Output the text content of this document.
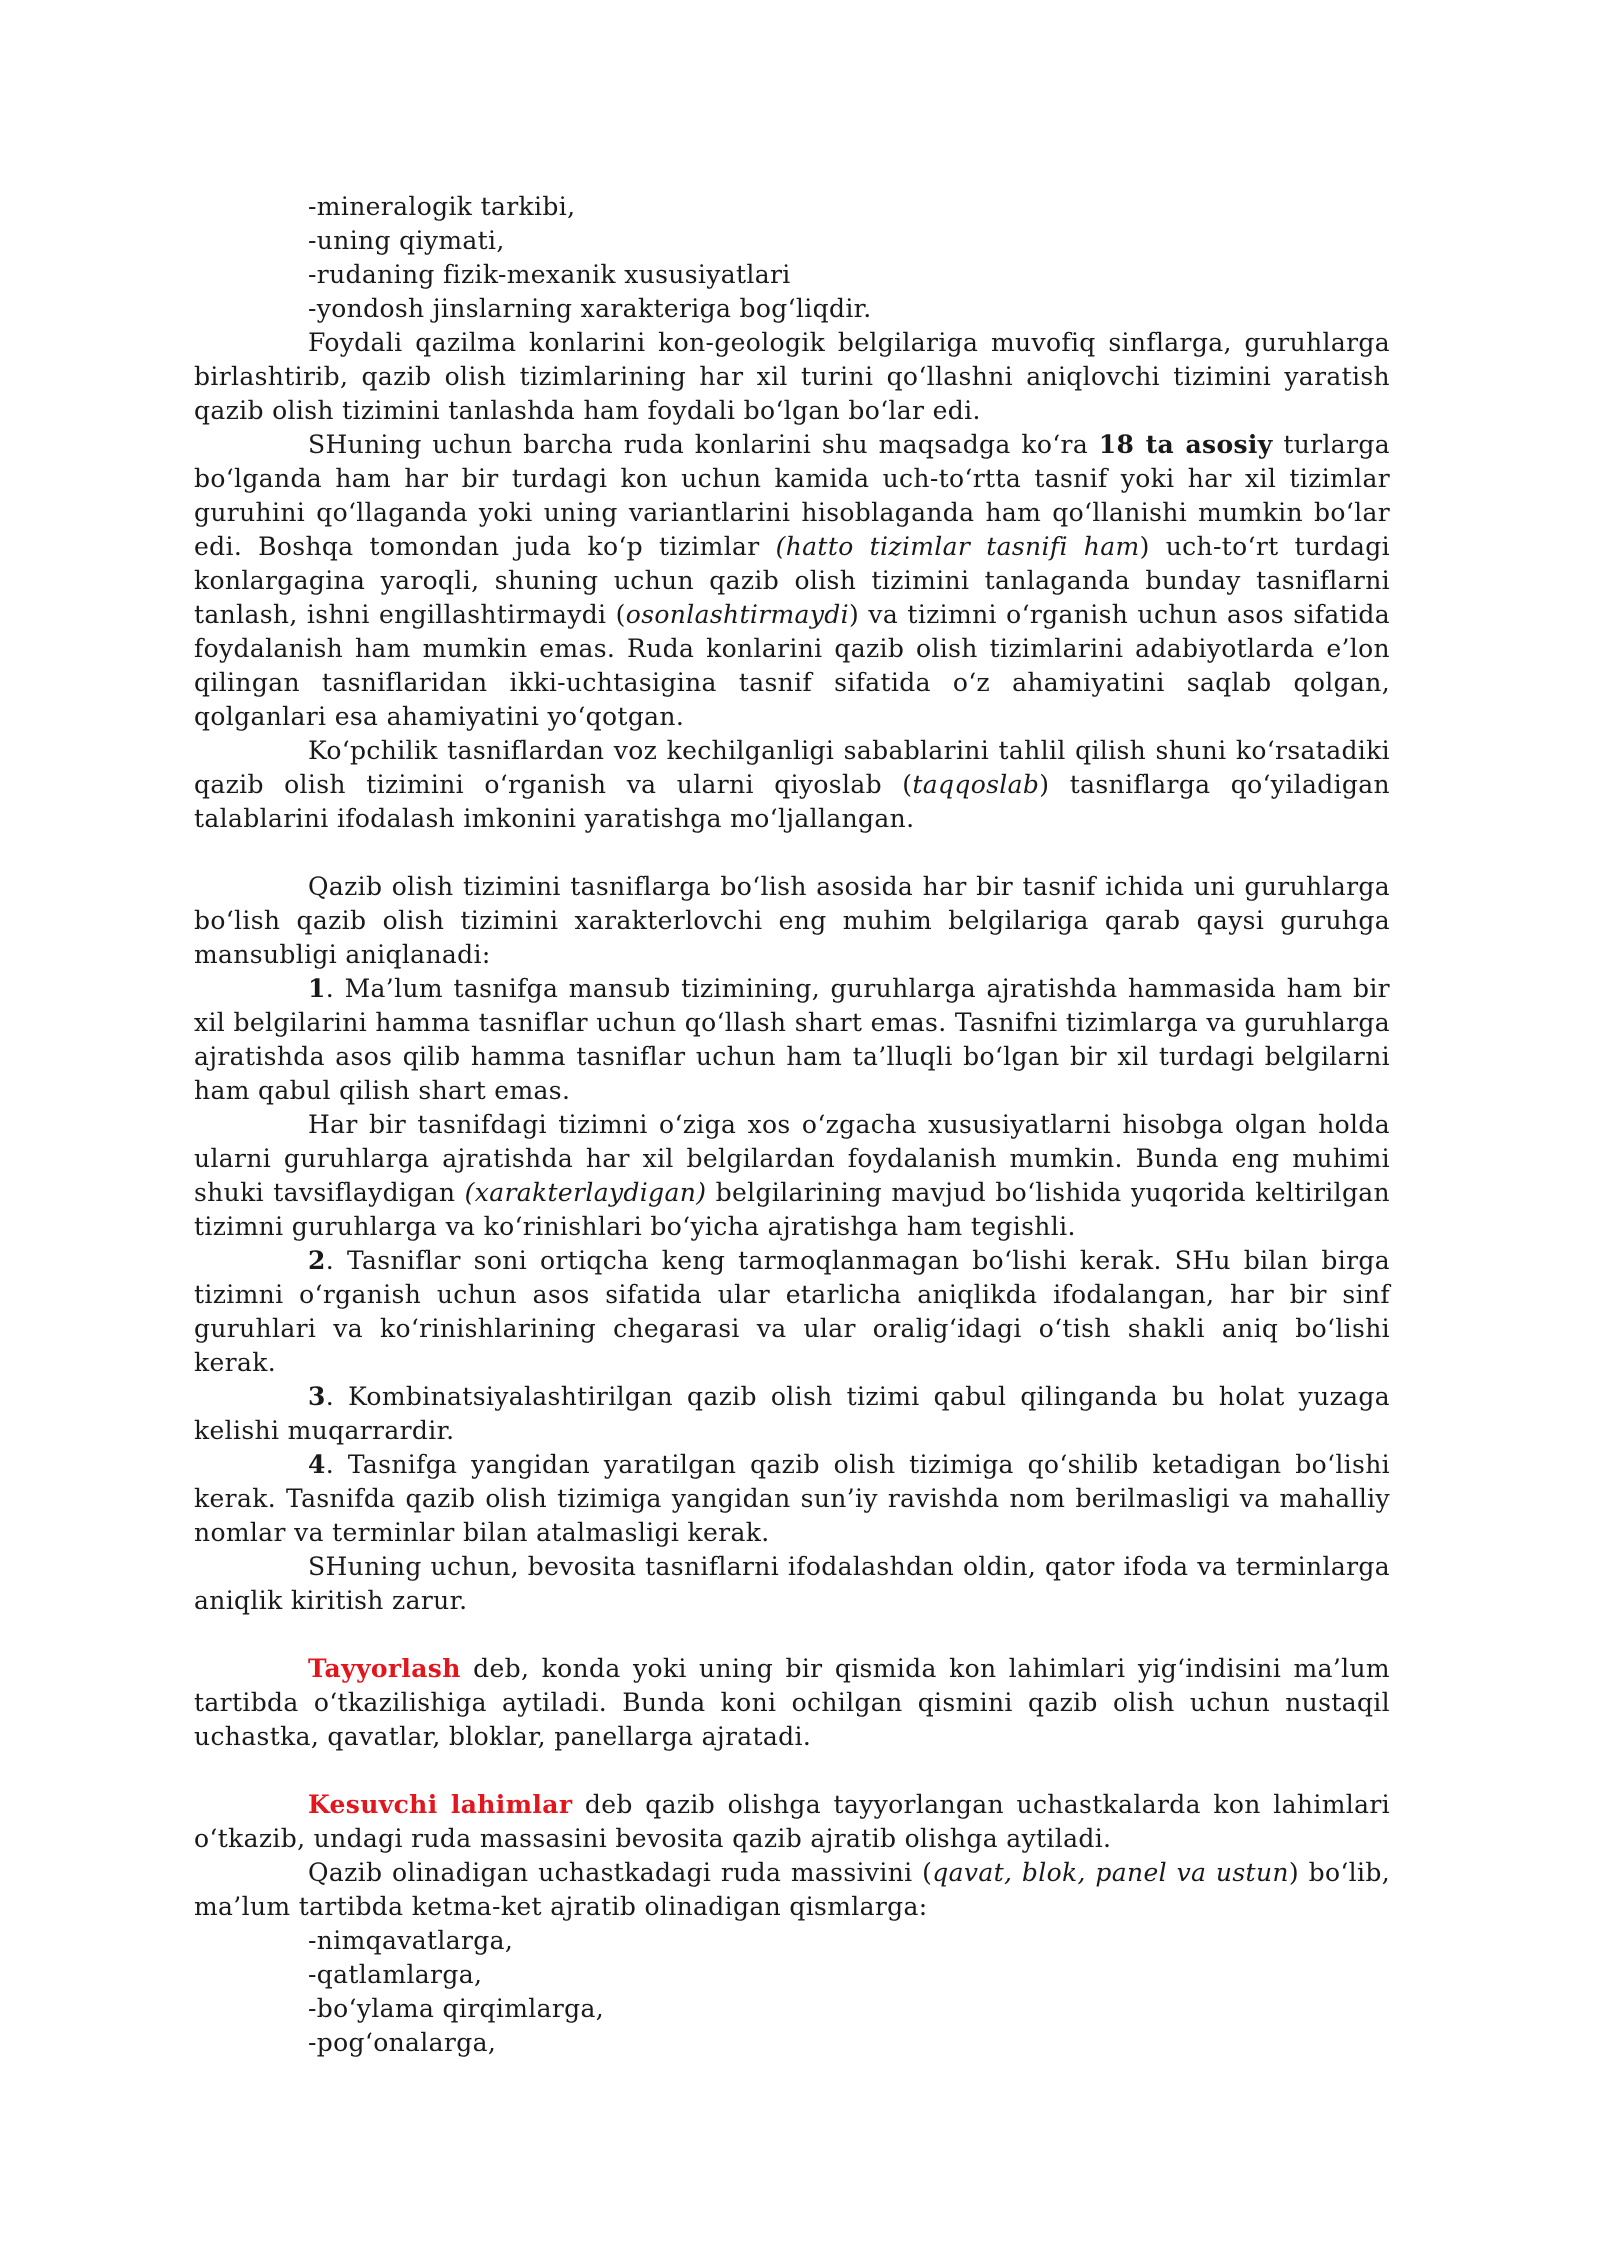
-mineralogik tarkibi,

-uning qiymati,

-rudaning fizik-mexanik xususiyatlari

-yondosh jinslarning xarakteriga bog‘liqdir.

Foydali qazilma konlarini kon-geologik belgilariga muvofiq sinflarga, guruhlarga birlashtirib, qazib olish tizimlarining har xil turini qo‘llashni aniqlovchi tizimini yaratish qazib olish tizimini tanlashda ham foydali bo‘lgan bo‘lar edi.

SHuning uchun barcha ruda konlarini shu maqsadga ko‘ra 18 ta asosiy turlarga bo‘lganda ham har bir turdagi kon uchun kamida uch-to‘rtta tasnif yoki har xil tizimlar guruhini qo‘llaganda yoki uning variantlarini hisoblaganda ham qo‘llanishi mumkin bo‘lar edi. Boshqa tomondan juda ko‘p tizimlar (hatto tizimlar tasnifi ham) uch-to‘rt turdagi konlargagina yaroqli, shuning uchun qazib olish tizimini tanlaganda bunday tasniflarni tanlash, ishni engillashtirmaydi (osonlashtirmaydi) va tizimni o‘rganish uchun asos sifatida foydalanish ham mumkin emas. Ruda konlarini qazib olish tizimlarini adabiyotlarda e’lon qilingan tasniflaridan ikki-uchtasigina tasnif sifatida o‘z ahamiyatini saqlab qolgan, qolganlari esa ahamiyatini yo‘qotgan.

Ko‘pchilik tasniflardan voz kechilganligi sabablarini tahlil qilish shuni ko‘rsatadiki qazib olish tizimini o‘rganish va ularni qiyoslab (taqqoslab) tasniflarga qo‘yiladigan talablarini ifodalash imkonini yaratishga mo‘ljallangan.

Qazib olish tizimini tasniflarga bo‘lish asosida har bir tasnif ichida uni guruhlarga bo‘lish qazib olish tizimini xarakterlovchi eng muhim belgilariga qarab qaysi guruhga mansubligi aniqlanadi:

1. Ma’lum tasnifga mansub tizimining, guruhlarga ajratishda hammasida ham bir xil belgilarini hamma tasniflar uchun qo‘llash shart emas. Tasnifni tizimlarga va guruhlarga ajratishda asos qilib hamma tasniflar uchun ham ta’lluqli bo‘lgan bir xil turdagi belgilarni ham qabul qilish shart emas.

Har bir tasnifdagi tizimni o‘ziga xos o‘zgacha xususiyatlarni hisobga olgan holda ularni guruhlarga ajratishda har xil belgilardan foydalanish mumkin. Bunda eng muhimi shuki tavsiflaydigan (xarakterlaydigan) belgilarining mavjud bo‘lishida yuqorida keltirilgan tizimni guruhlarga va ko‘rinishlari bo‘yicha ajratishga ham tegishli.

2. Tasniflar soni ortiqcha keng tarmoqlanmagan bo‘lishi kerak. SHu bilan birga tizimni o‘rganish uchun asos sifatida ular etarlicha aniqlikda ifodalangan, har bir sinf guruhlari va ko‘rinishlarining chegarasi va ular oralig‘idagi o‘tish shakli aniq bo‘lishi kerak.

3. Kombinatsiyalashtirilgan qazib olish tizimi qabul qilinganda bu holat yuzaga kelishi muqarrardir.

4. Tasnifga yangidan yaratilgan qazib olish tizimiga qo‘shilib ketadigan bo‘lishi kerak. Tasnifda qazib olish tizimiga yangidan sun’iy ravishda nom berilmasligi va mahalliy nomlar va terminlar bilan atalmasligi kerak.

SHuning uchun, bevosita tasniflarni ifodalashdan oldin, qator ifoda va terminlarga aniqlik kiritish zarur.

Tayyorlash deb, konda yoki uning bir qismida kon lahimlari yig‘indisini ma’lum tartibda o‘tkazilishiga aytiladi. Bunda koni ochilgan qismini qazib olish uchun nustaqil uchastka, qavatlar, bloklar, panellarga ajratadi.

Kesuvchi lahimlar deb qazib olishga tayyorlangan uchastkalarda kon lahimlari o‘tkazib, undagi ruda massasini bevosita qazib ajratib olishga aytiladi.

Qazib olinadigan uchastkadagi ruda massivini (qavat, blok, panel va ustun) bo‘lib, ma’lum tartibda ketma-ket ajratib olinadigan qismlarga:

-nimqavatlarga,

-qatlamlarga,

-bo‘ylama qirqimlarga,

-pog‘onalarga,
